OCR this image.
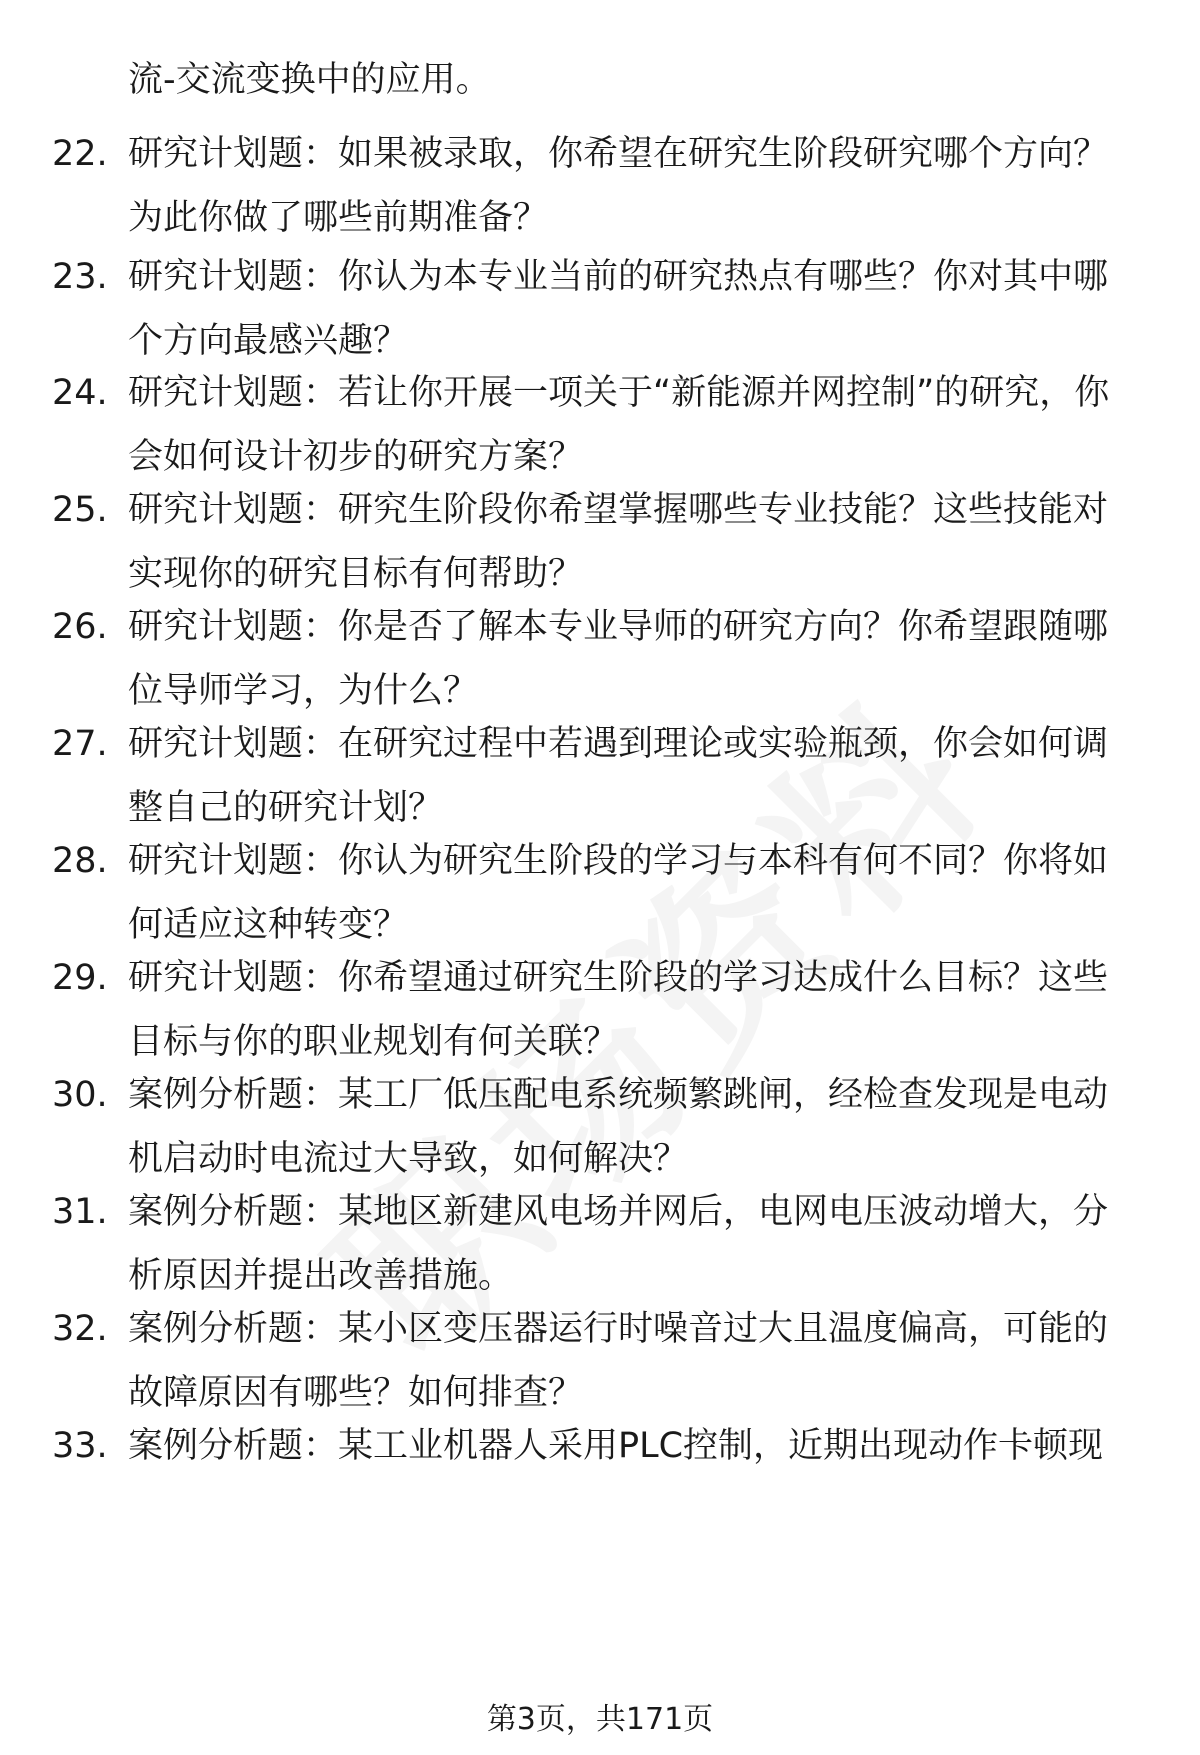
流-交流变换中的应用。
22. 研究计划题：如果被录取，你希望在研究生阶段研究哪个方向？为此你做了哪些前期准备？
23. 研究计划题：你认为本专业当前的研究热点有哪些？你对其中哪个方向最感兴趣？
24. 研究计划题：若让你开展一项关于“新能源并网控制”的研究，你会如何设计初步的研究方案？
25. 研究计划题：研究生阶段你希望掌握哪些专业技能？这些技能对实现你的研究目标有何帮助？
26. 研究计划题：你是否了解本专业导师的研究方向？你希望跟随哪位导师学习，为什么？
27. 研究计划题：在研究过程中若遇到理论或实验瓶颈，你会如何调整自己的研究计划？
28. 研究计划题：你认为研究生阶段的学习与本科有何不同？你将如何适应这种转变？
29. 研究计划题：你希望通过研究生阶段的学习达成什么目标？这些目标与你的职业规划有何关联？
30. 案例分析题：某工厂低压配电系统频繁跳闸，经检查发现是电动机启动时电流过大导致，如何解决？
31. 案例分析题：某地区新建风电场并网后，电网电压波动增大，分析原因并提出改善措施。
32. 案例分析题：某小区变压器运行时噪音过大且温度偏高，可能的故障原因有哪些？如何排查？
33. 案例分析题：某工业机器人采用PLC控制，近期出现动作卡顿现
第3页，共171页
